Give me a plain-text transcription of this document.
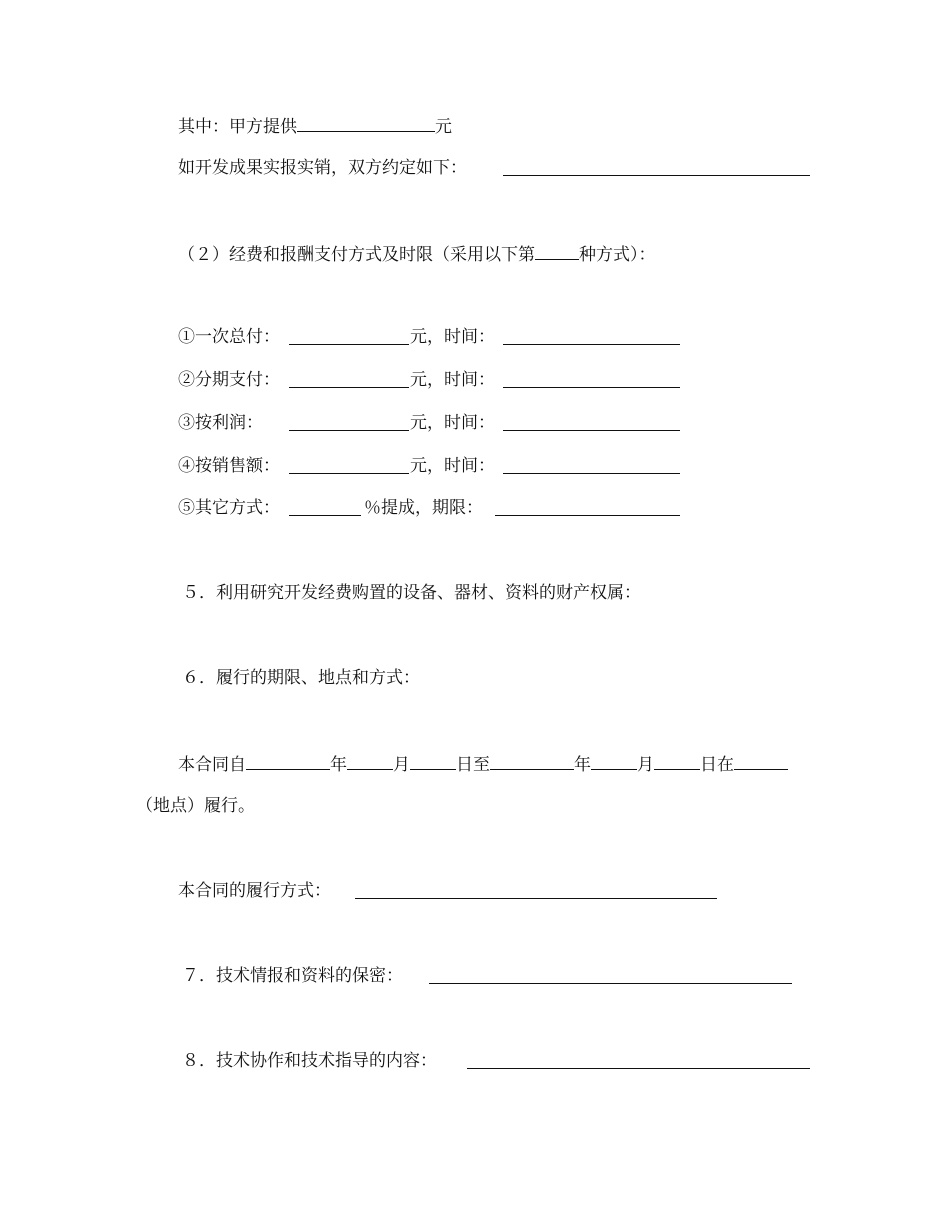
其中：甲方提供	元
如开发成果实报实销，双方约定如下：
（２）经费和报酬支付方式及时限（采用以下第	种方式）：
①一次总付：	元，时间：
②分期支付：	元，时间：
③按利润：	元，时间：
④按销售额：	元，时间：
⑤其它方式：	％提成，期限：
５．利用研究开发经费购置的设备、器材、资料的财产权属：
６．履行的期限、地点和方式：
本合同自	年	月	日至	年	月	日在
（地点）履行。
本合同的履行方式：
７．技术情报和资料的保密：
８．技术协作和技术指导的内容：
